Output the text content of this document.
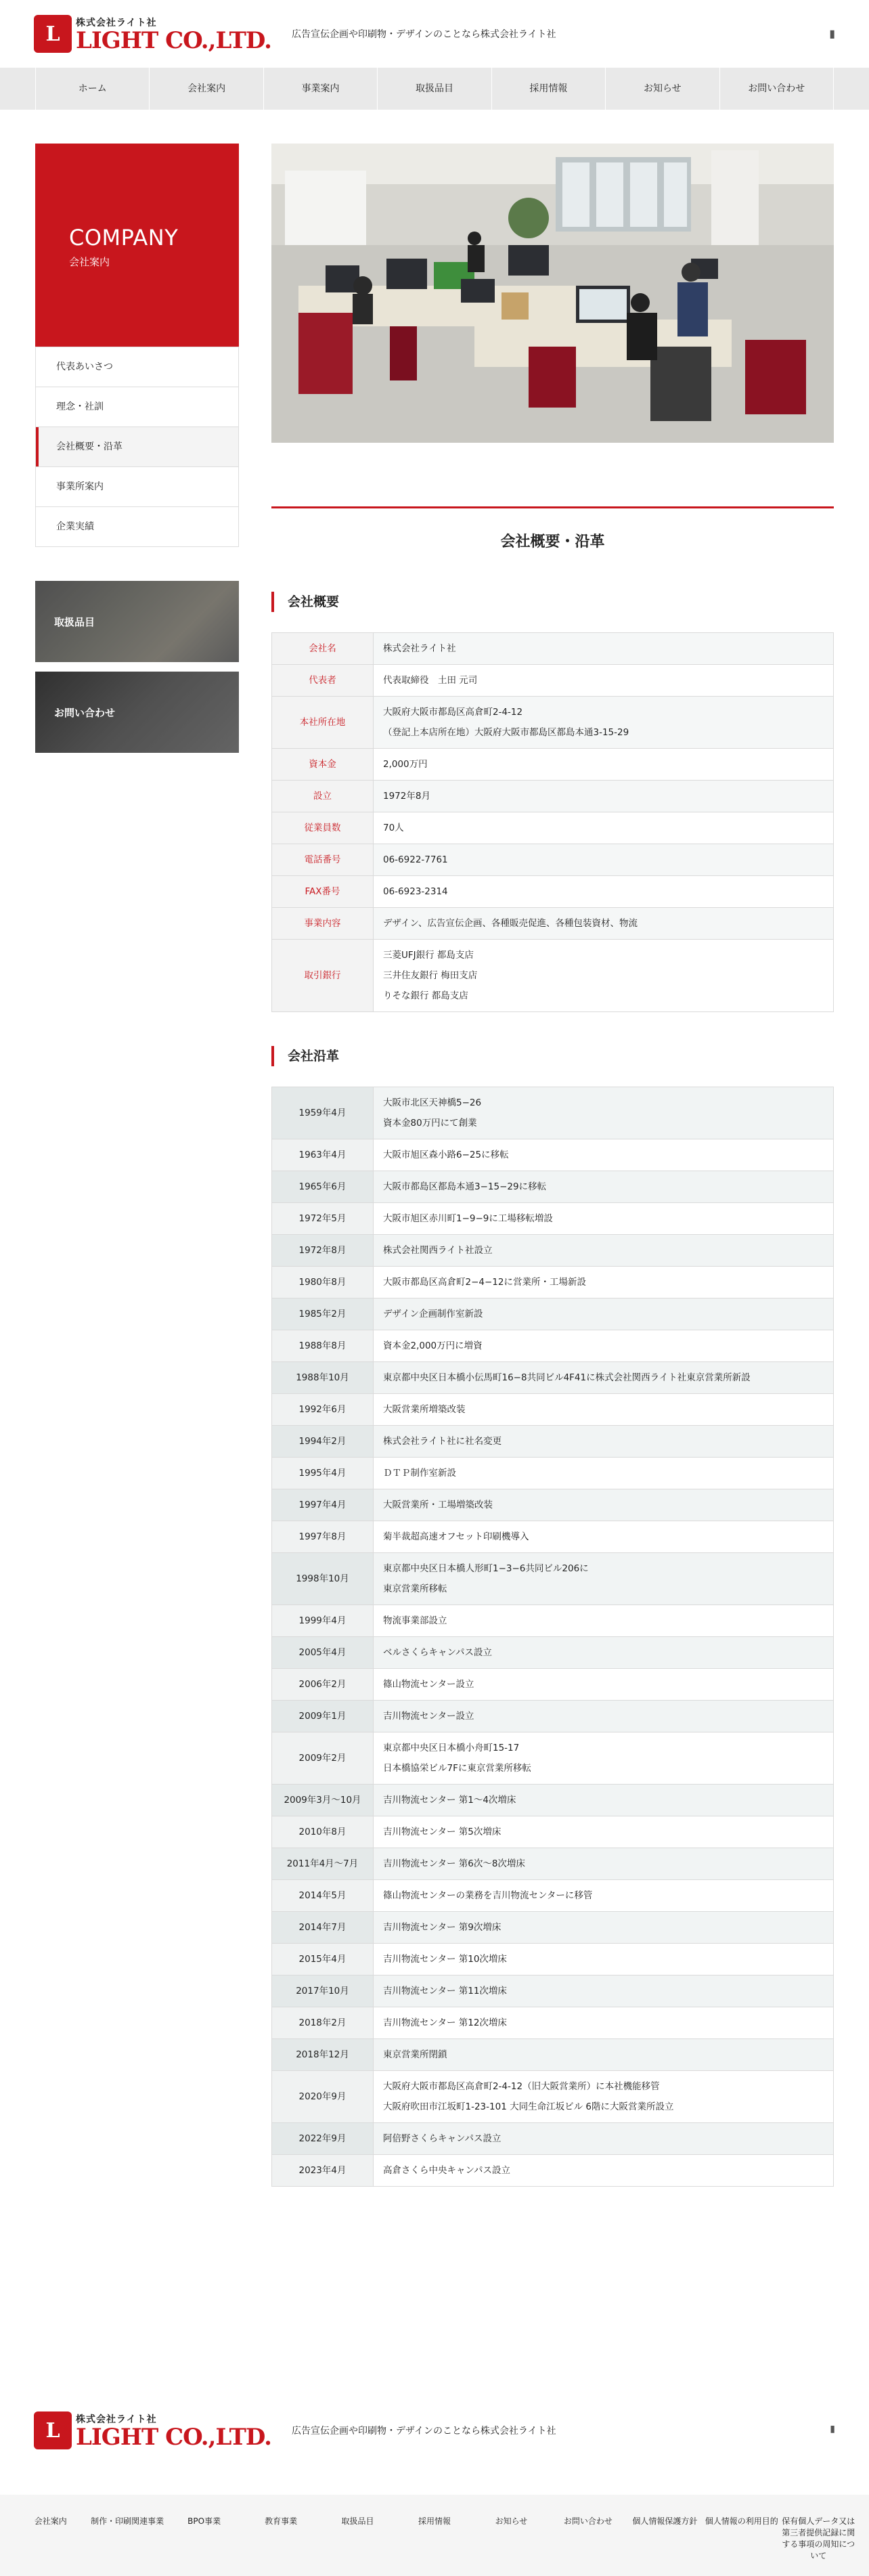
L	株式会社ライト社
LIGHT CO.,LTD. 広告宣伝企画や印刷物・デザインのことなら株式会社ライト社	▮
ホーム	会社案内	事業案内	取扱品目	採用情報	お知らせ	お問い合わせ
COMPANY
会社案内
代表あいさつ
理念・社訓
会社概要・沿革
事業所案内
企業実績
取扱品目
お問い合わせ
会社概要・沿革
会社概要
会社名	株式会社ライト社

代表者	代表取締役　土田 元司

本社所在地	大阪府大阪市都島区高倉町2-4-12
（登記上本店所在地）大阪府大阪市都島区都島本通3-15-29

資本金	2,000万円

設立	1972年8月

従業員数	70人

電話番号	06-6922-7761

FAX番号	06-6923-2314

事業内容	デザイン、広告宣伝企画、各種販売促進、各種包装資材、物流

取引銀行	三菱UFJ銀行 都島支店
三井住友銀行 梅田支店
りそな銀行 都島支店
会社沿革
1959年4月	大阪市北区天神橋5−26
資本金80万円にて創業

1963年4月	大阪市旭区森小路6−25に移転

1965年6月	大阪市都島区都島本通3−15−29に移転

1972年5月	大阪市旭区赤川町1−9−9に工場移転増設

1972年8月	株式会社関西ライト社設立

1980年8月	大阪市都島区高倉町2−4−12に営業所・工場新設

1985年2月	デザイン企画制作室新設

1988年8月	資本金2,000万円に増資

1988年10月	東京都中央区日本橋小伝馬町16−8共同ビル4F41に株式会社関西ライト社東京営業所新設

1992年6月	大阪営業所増築改装

1994年2月	株式会社ライト社に社名変更

1995年4月	ＤＴＰ制作室新設

1997年4月	大阪営業所・工場増築改装

1997年8月	菊半裁超高速オフセット印刷機導入

1998年10月	東京都中央区日本橋人形町1−3−6共同ビル206に
東京営業所移転

1999年4月	物流事業部設立

2005年4月	ベルさくらキャンパス設立

2006年2月	篠山物流センター設立

2009年1月	吉川物流センター設立

2009年2月	東京都中央区日本橋小舟町15-17
日本橋協栄ビル7Fに東京営業所移転

2009年3月〜10月	吉川物流センター 第1〜4次増床

2010年8月	吉川物流センター 第5次増床

2011年4月〜7月	吉川物流センター 第6次〜8次増床

2014年5月	篠山物流センターの業務を吉川物流センターに移管

2014年7月	吉川物流センター 第9次増床

2015年4月	吉川物流センター 第10次増床

2017年10月	吉川物流センター 第11次増床

2018年2月	吉川物流センター 第12次増床

2018年12月	東京営業所閉鎖

2020年9月	大阪府大阪市都島区高倉町2-4-12（旧大阪営業所）に本社機能移管
大阪府吹田市江坂町1-23-101 大同生命江坂ビル 6階に大阪営業所設立

2022年9月	阿倍野さくらキャンパス設立

2023年4月	高倉さくら中央キャンパス設立
L	株式会社ライト社
LIGHT CO.,LTD. 広告宣伝企画や印刷物・デザインのことなら株式会社ライト社	▮
会社案内	制作・印刷関連事業	BPO事業	教育事業	取扱品目	採用情報	お知らせ	お問い合わせ	個人情報保護方針 個人情報の利用目的 保有個人データ又は第三者提供記録に関する事項の周知について
